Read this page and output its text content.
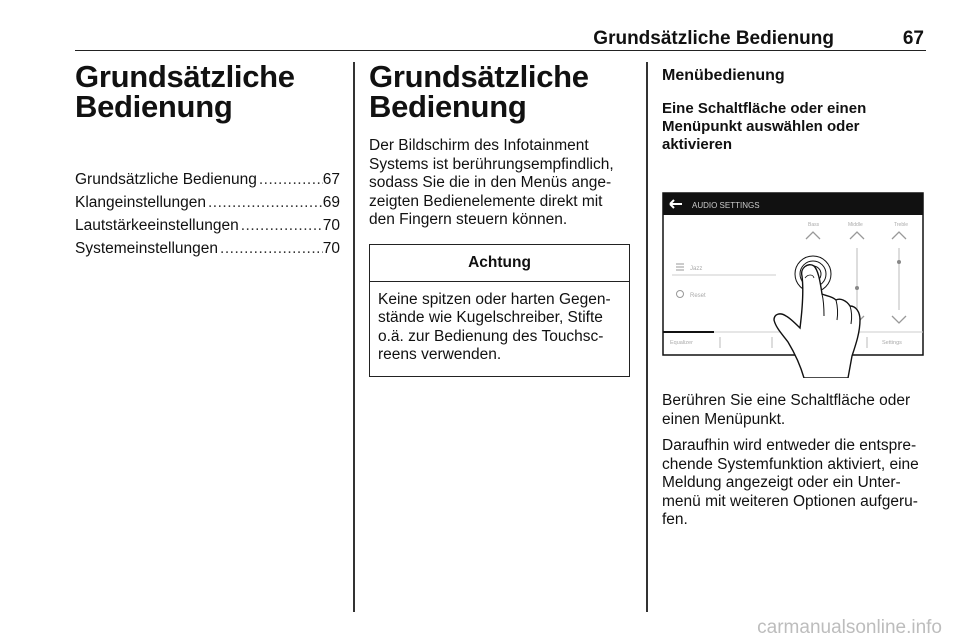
Grundsätzliche Bedienung	67
Grundsätzliche
Bedienung
Grundsätzliche Bedienung .....	67
Klangeinstellungen .....	69
Lautstärkeeinstellungen .....	70
Systemeinstellungen .....	70
Grundsätzliche
Bedienung

Der Bildschirm des Infotainment
Systems ist berührungsempfindlich,
sodass Sie die in den Menüs ange-
zeigten Bedienelemente direkt mit
den Fingern steuern können.

Achtung

Keine spitzen oder harten Gegen-
stände wie Kugelschreiber, Stifte
o.ä. zur Bedienung des Touchsc-
reens verwenden.

Menübedienung
Eine Schaltfläche oder einen
Menüpunkt auswählen oder
aktivieren
AUDIO SETTINGS
Bass	Middle	Treble
Jazz
Reset
Equalizer	Settings

Berühren Sie eine Schaltfläche oder
einen Menüpunkt.

Daraufhin wird entweder die entspre-
chende Systemfunktion aktiviert, eine
Meldung angezeigt oder ein Unter-
menü mit weiteren Optionen aufgeru-
fen.

carmanualsonline.info
